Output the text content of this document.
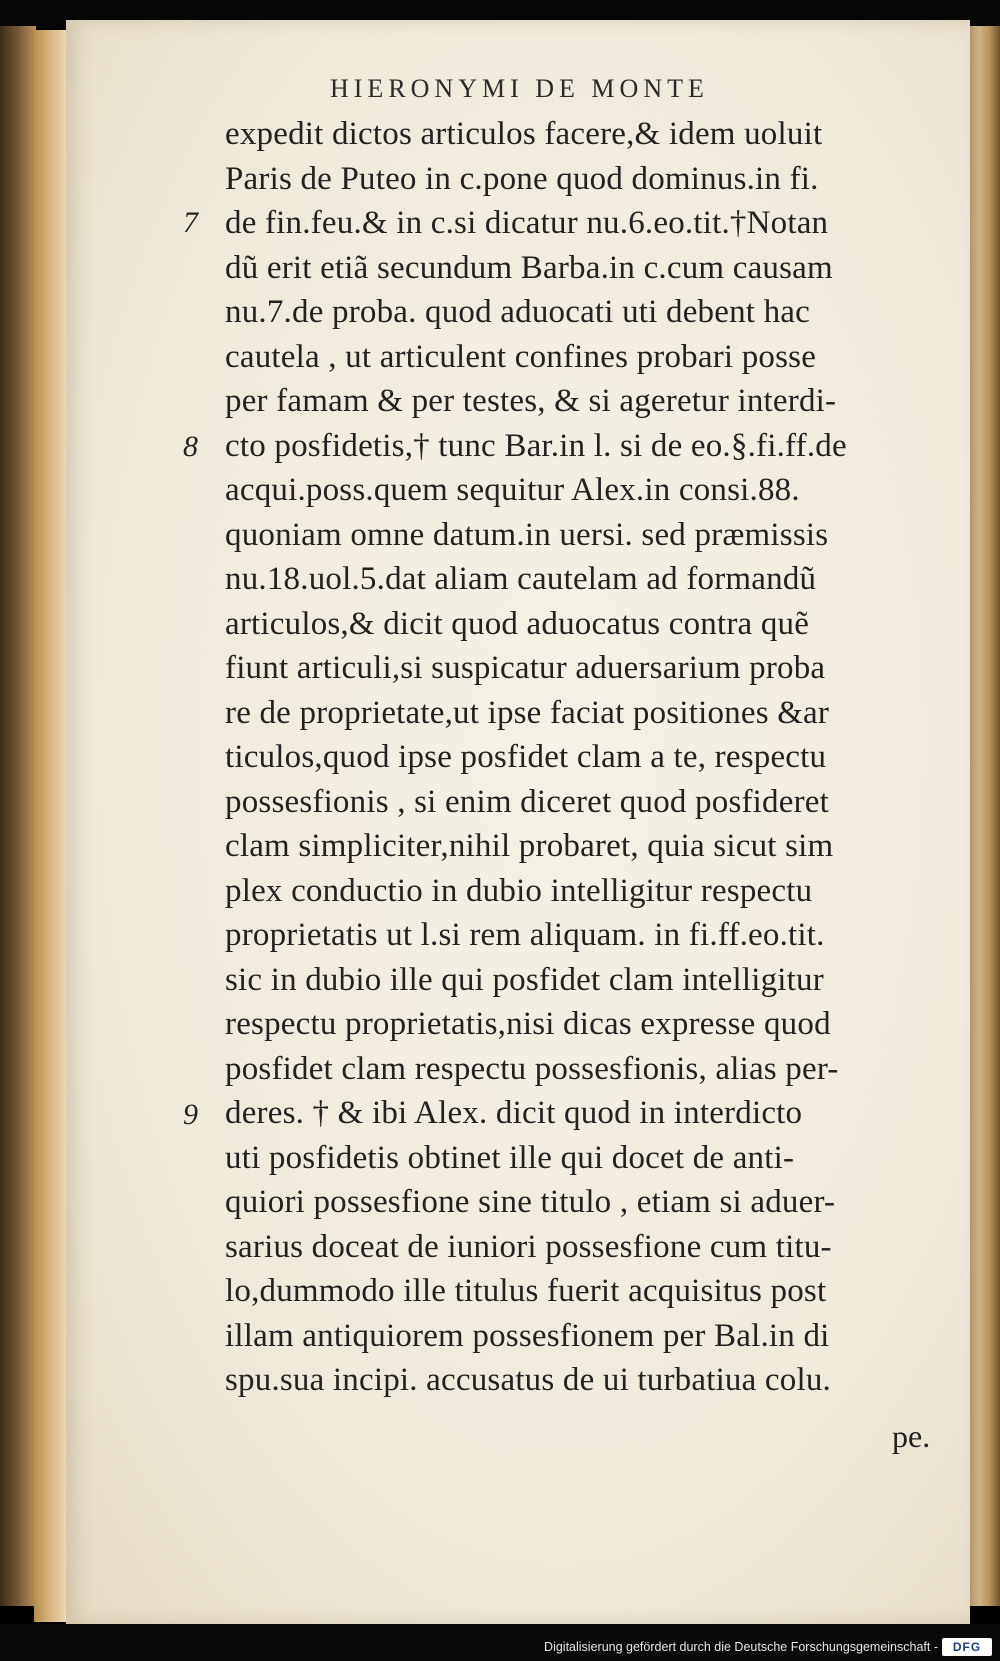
HIERONYMI DE MONTE
expedit dictos articulos facere,& idem uoluit
Paris de Puteo in c.pone quod dominus.in fi.
de fin.feu.& in c.si dicatur nu.6.eo.tit.†Notan
dũ erit etiã secundum Barba.in c.cum causam
nu.7.de proba. quod aduocati uti debent hac
cautela , ut articulent confines probari posse
per famam & per testes, & si ageretur interdi-
cto posfidetis,† tunc Bar.in l. si de eo.§.fi.ff.de
acqui.poss.quem sequitur Alex.in consi.88.
quoniam omne datum.in uersi. sed præmissis
nu.18.uol.5.dat aliam cautelam ad formandũ
articulos,& dicit quod aduocatus contra quẽ
fiunt articuli,si suspicatur aduersarium proba
re de proprietate,ut ipse faciat positiones &ar
ticulos,quod ipse posfidet clam a te, respectu
possesfionis , si enim diceret quod posfideret
clam simpliciter,nihil probaret, quia sicut sim
plex conductio in dubio intelligitur respectu
proprietatis ut l.si rem aliquam. in fi.ff.eo.tit.
sic in dubio ille qui posfidet clam intelligitur
respectu proprietatis,nisi dicas expresse quod
posfidet clam respectu possesfionis, alias per-
deres. † & ibi Alex. dicit quod in interdicto
uti posfidetis obtinet ille qui docet de anti-
quiori possesfione sine titulo , etiam si aduer-
sarius doceat de iuniori possesfione cum titu-
lo,dummodo ille titulus fuerit acquisitus post
illam antiquiorem possesfionem per Bal.in di
spu.sua incipi. accusatus de ui turbatiua colu.
7
8
9
pe.
Digitalisierung gefördert durch die Deutsche Forschungsgemeinschaft -	DFG
